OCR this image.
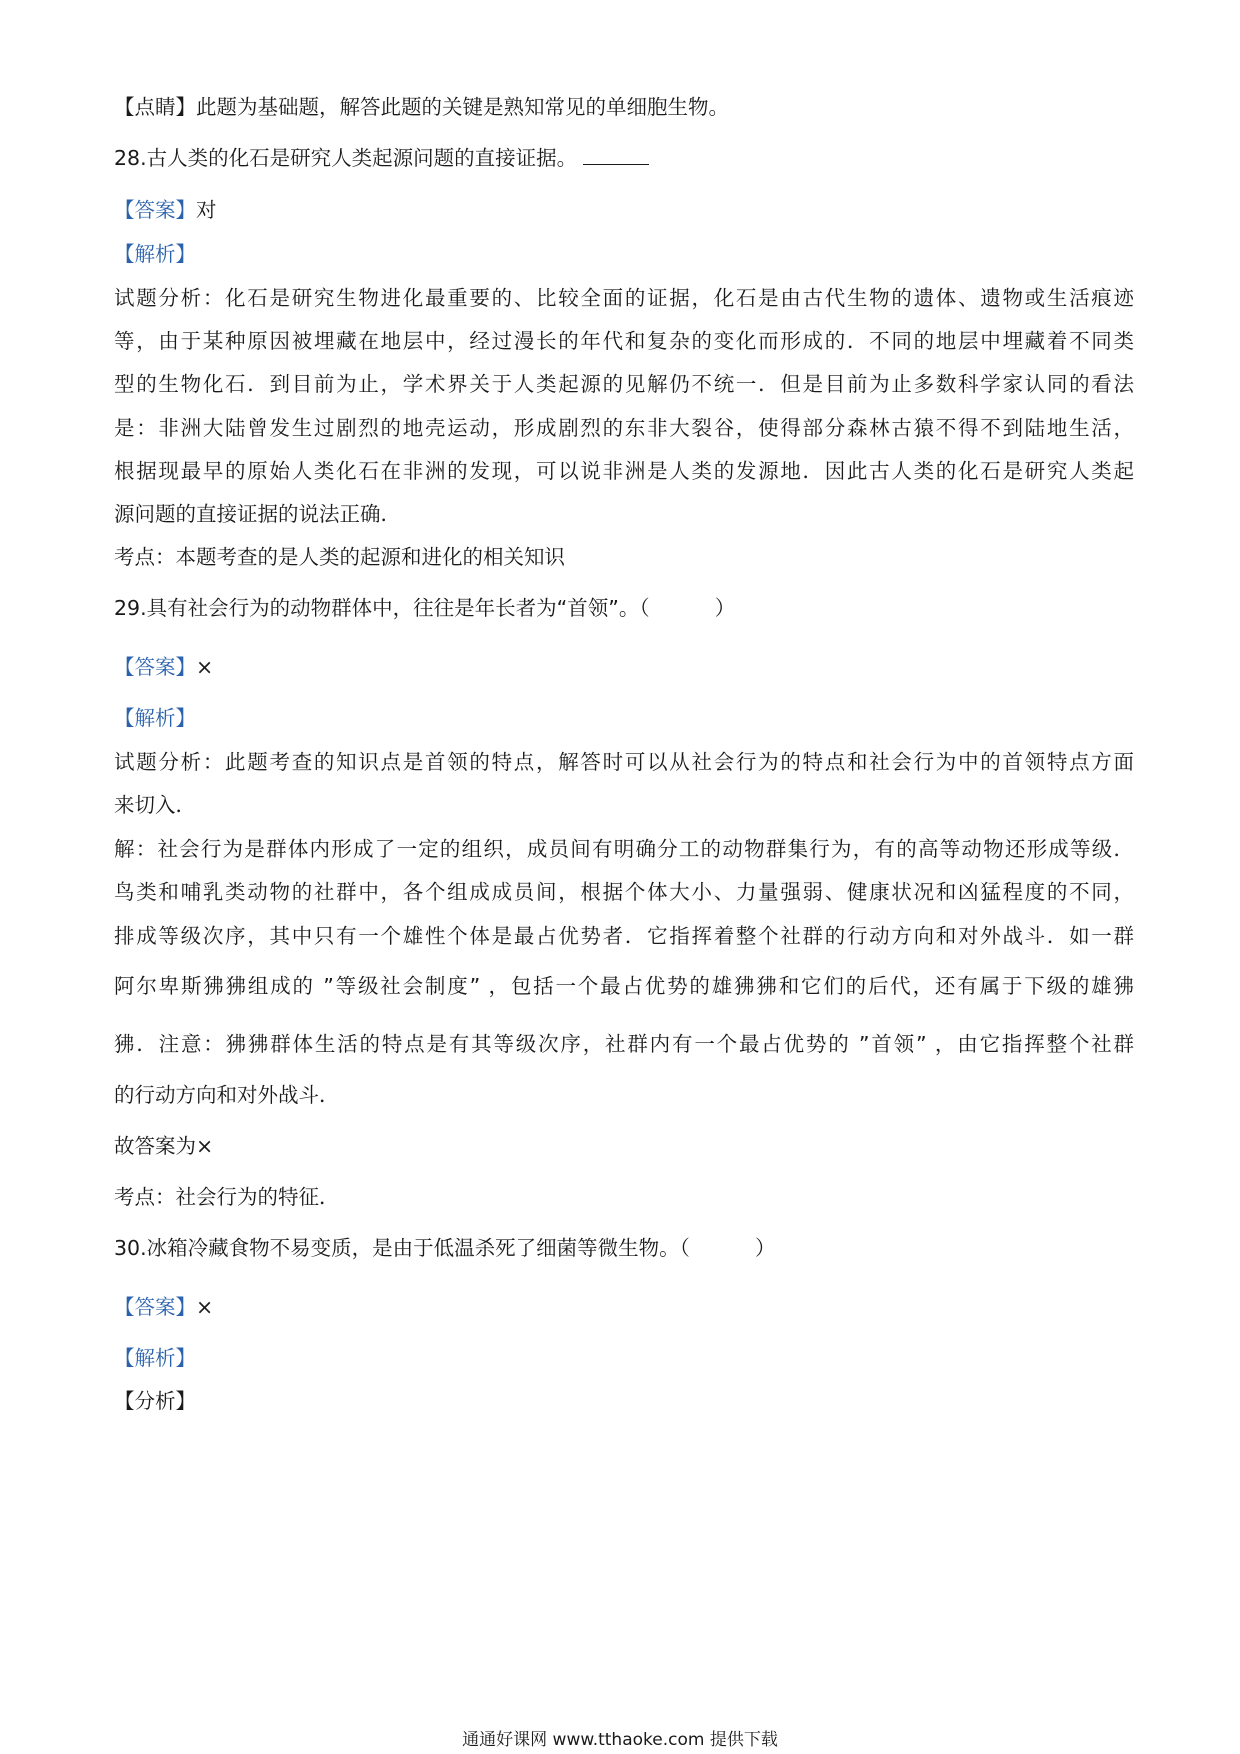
【点睛】此题为基础题，解答此题的关键是熟知常见的单细胞生物。
28.古人类的化石是研究人类起源问题的直接证据。
【答案】对
【解析】
试题分析：化石是研究生物进化最重要的、比较全面的证据，化石是由古代生物的遗体、遗物或生活痕迹
等，由于某种原因被埋藏在地层中，经过漫长的年代和复杂的变化而形成的．不同的地层中埋藏着不同类
型的生物化石．到目前为止，学术界关于人类起源的见解仍不统一．但是目前为止多数科学家认同的看法
是：非洲大陆曾发生过剧烈的地壳运动，形成剧烈的东非大裂谷，使得部分森林古猿不得不到陆地生活，
根据现最早的原始人类化石在非洲的发现，可以说非洲是人类的发源地．因此古人类的化石是研究人类起
源问题的直接证据的说法正确．
考点：本题考查的是人类的起源和进化的相关知识
29.具有社会行为的动物群体中，往往是年长者为“首领”。（          ）
【答案】×
【解析】
试题分析：此题考查的知识点是首领的特点，解答时可以从社会行为的特点和社会行为中的首领特点方面
来切入．
解：社会行为是群体内形成了一定的组织，成员间有明确分工的动物群集行为，有的高等动物还形成等级．
鸟类和哺乳类动物的社群中，各个组成成员间，根据个体大小、力量强弱、健康状况和凶猛程度的不同，
排成等级次序，其中只有一个雄性个体是最占优势者．它指挥着整个社群的行动方向和对外战斗．如一群
阿尔卑斯狒狒组成的 ”等级社会制度” ，包括一个最占优势的雄狒狒和它们的后代，还有属于下级的雄狒
狒．注意：狒狒群体生活的特点是有其等级次序，社群内有一个最占优势的 ”首领” ，由它指挥整个社群
的行动方向和对外战斗．
故答案为×
考点：社会行为的特征．
30.冰箱冷藏食物不易变质，是由于低温杀死了细菌等微生物。（          ）
【答案】×
【解析】
【分析】
通通好课网 www.tthaoke.com 提供下载
